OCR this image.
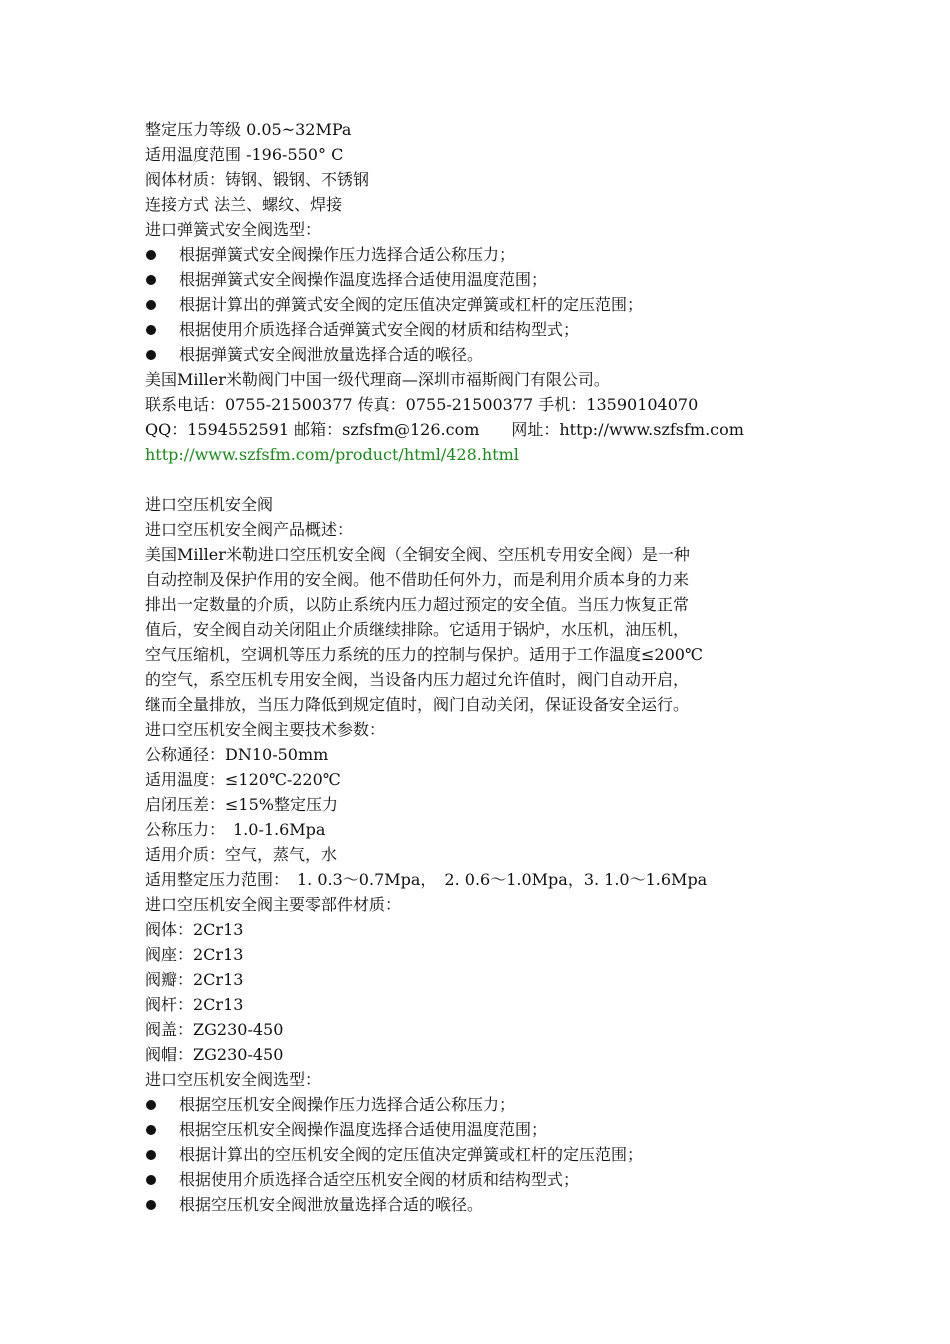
整定压力等级 0.05~32MPa
适用温度范围 -196-550° C
阀体材质：铸钢、锻钢、不锈钢
连接方式 法兰、螺纹、焊接
进口弹簧式安全阀选型：
根据弹簧式安全阀操作压力选择合适公称压力；
根据弹簧式安全阀操作温度选择合适使用温度范围；
根据计算出的弹簧式安全阀的定压值决定弹簧或杠杆的定压范围；
根据使用介质选择合适弹簧式安全阀的材质和结构型式；
根据弹簧式安全阀泄放量选择合适的喉径。
美国Miller米勒阀门中国一级代理商—深圳市福斯阀门有限公司。
联系电话：0755-21500377 传真：0755-21500377 手机：13590104070
QQ：1594552591 邮箱：szfsfm@126.com　　网址：http://www.szfsfm.com
http://www.szfsfm.com/product/html/428.html
进口空压机安全阀
进口空压机安全阀产品概述：
美国Miller米勒进口空压机安全阀（全铜安全阀、空压机专用安全阀）是一种
自动控制及保护作用的安全阀。他不借助任何外力，而是利用介质本身的力来
排出一定数量的介质，以防止系统内压力超过预定的安全值。当压力恢复正常
值后，安全阀自动关闭阻止介质继续排除。它适用于锅炉，水压机，油压机，
空气压缩机，空调机等压力系统的压力的控制与保护。适用于工作温度≤200℃
的空气，系空压机专用安全阀，当设备内压力超过允许值时，阀门自动开启，
继而全量排放，当压力降低到规定值时，阀门自动关闭，保证设备安全运行。
进口空压机安全阀主要技术参数：
公称通径：DN10-50mm
适用温度：≤120℃-220℃
启闭压差：≤15%整定压力
公称压力：　1.0-1.6Mpa
适用介质：空气，蒸气，水
适用整定压力范围：　1. 0.3～0.7Mpa，　2. 0.6～1.0Mpa，3. 1.0～1.6Mpa
进口空压机安全阀主要零部件材质：
阀体：2Cr13
阀座：2Cr13
阀瓣：2Cr13
阀杆：2Cr13
阀盖：ZG230-450
阀帽：ZG230-450
进口空压机安全阀选型：
根据空压机安全阀操作压力选择合适公称压力；
根据空压机安全阀操作温度选择合适使用温度范围；
根据计算出的空压机安全阀的定压值决定弹簧或杠杆的定压范围；
根据使用介质选择合适空压机安全阀的材质和结构型式；
根据空压机安全阀泄放量选择合适的喉径。
